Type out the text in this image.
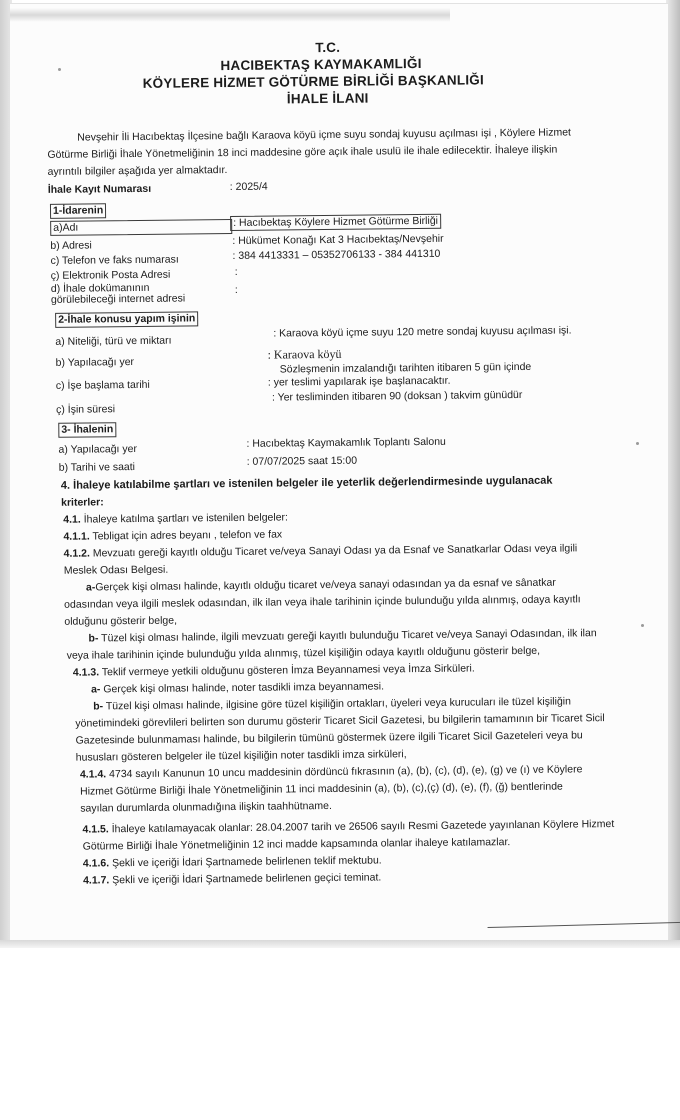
T.C.
HACIBEKTAŞ KAYMAKAMLIĞI
KÖYLERE HİZMET GÖTÜRME BİRLİĞİ BAŞKANLIĞI
İHALE İLANI
Nevşehir İli Hacıbektaş İlçesine bağlı Karaova köyü içme suyu sondaj kuyusu açılması işi , Köylere Hizmet
Götürme Birliği İhale Yönetmeliğinin 18 inci maddesine göre açık ihale usulü ile ihale edilecektir. İhaleye ilişkin
ayrıntılı bilgiler aşağıda yer almaktadır.
İhale Kayıt Numarası	: 2025/4
1-İdarenin
a)Adı	: Hacıbektaş Köylere Hizmet Götürme Birliği
b) Adresi	: Hükümet Konağı Kat 3 Hacıbektaş/Nevşehir
c) Telefon ve faks numarası	: 384 4413331 – 05352706133 - 384 441310
ç) Elektronik Posta Adresi	:
d) İhale dokümanının
görülebileceği internet adresi
:
2-İhale konusu yapım işinin
a) Niteliği, türü ve miktarı
: Karaova köyü içme suyu 120 metre sondaj kuyusu açılması işi.
b) Yapılacağı yer
: Karaova köyü
c) İşe başlama tarihi
Sözleşmenin imzalandığı tarihten itibaren 5 gün içinde
: yer teslimi yapılarak işe başlanacaktır.
ç) İşin süresi
: Yer tesliminden itibaren 90 (doksan ) takvim günüdür
3- İhalenin
a) Yapılacağı yer	: Hacıbektaş Kaymakamlık Toplantı Salonu
b) Tarihi ve saati	: 07/07/2025 saat 15:00
4. İhaleye katılabilme şartları ve istenilen belgeler ile yeterlik değerlendirmesinde uygulanacak
kriterler:
4.1. İhaleye katılma şartları ve istenilen belgeler:
4.1.1. Tebligat için adres beyanı , telefon ve fax
4.1.2. Mevzuatı gereği kayıtlı olduğu Ticaret ve/veya Sanayi Odası ya da Esnaf ve Sanatkarlar Odası veya ilgili
Meslek Odası Belgesi.
a-Gerçek kişi olması halinde, kayıtlı olduğu ticaret ve/veya sanayi odasından ya da esnaf ve sânatkar
odasından veya ilgili meslek odasından, ilk ilan veya ihale tarihinin içinde bulunduğu yılda alınmış, odaya kayıtlı
olduğunu gösterir belge,
b- Tüzel kişi olması halinde, ilgili mevzuatı gereği kayıtlı bulunduğu Ticaret ve/veya Sanayi Odasından, ilk ilan
veya ihale tarihinin içinde bulunduğu yılda alınmış, tüzel kişiliğin odaya kayıtlı olduğunu gösterir belge,
4.1.3. Teklif vermeye yetkili olduğunu gösteren İmza Beyannamesi veya İmza Sirküleri.
a- Gerçek kişi olması halinde, noter tasdikli imza beyannamesi.
b- Tüzel kişi olması halinde, ilgisine göre tüzel kişiliğin ortakları, üyeleri veya kurucuları ile tüzel kişiliğin
yönetimindeki görevlileri belirten son durumu gösterir Ticaret Sicil Gazetesi, bu bilgilerin tamamının bir Ticaret Sicil
Gazetesinde bulunmaması halinde, bu bilgilerin tümünü göstermek üzere ilgili Ticaret Sicil Gazeteleri veya bu
hususları gösteren belgeler ile tüzel kişiliğin noter tasdikli imza sirküleri,
4.1.4. 4734 sayılı Kanunun 10 uncu maddesinin dördüncü fıkrasının (a), (b), (c), (d), (e), (g) ve (ı) ve Köylere
Hizmet Götürme Birliği İhale Yönetmeliğinin 11 inci maddesinin (a), (b), (c),(ç) (d), (e), (f), (ğ) bentlerinde
sayılan durumlarda olunmadığına ilişkin taahhütname.
4.1.5. İhaleye katılamayacak olanlar: 28.04.2007 tarih ve 26506 sayılı Resmi Gazetede yayınlanan Köylere Hizmet
Götürme Birliği İhale Yönetmeliğinin 12 inci madde kapsamında olanlar ihaleye katılamazlar.
4.1.6. Şekli ve içeriği İdari Şartnamede belirlenen teklif mektubu.
4.1.7. Şekli ve içeriği İdari Şartnamede belirlenen geçici teminat.
